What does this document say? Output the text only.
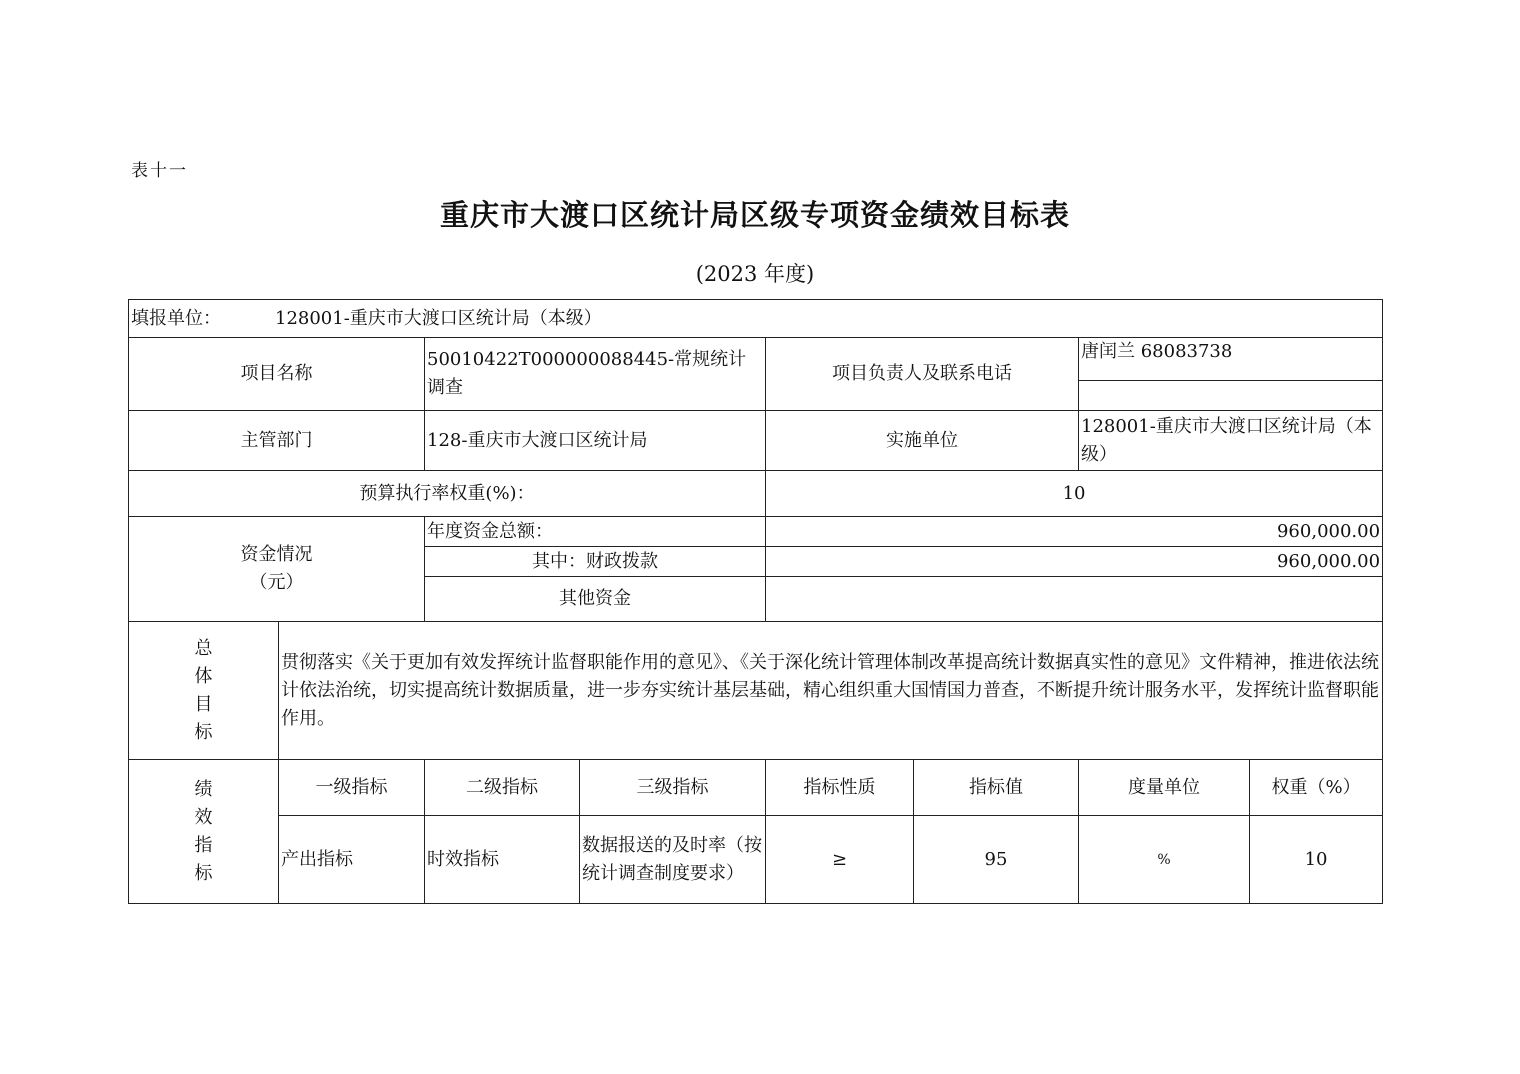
表十一
重庆市大渡口区统计局区级专项资金绩效目标表
(2023 年度)
填报单位： 128001-重庆市大渡口区统计局（本级）							
项目名称		50010422T000000088445-常规统计调查		项目负责人及联系电话		唐闰兰 68083738	

主管部门		128-重庆市大渡口区统计局		实施单位		128001-重庆市大渡口区统计局（本级）	
预算执行率权重(%)：				10			

资金情况
（元）		年度资金总额：		960,000.00			
		其中：财政拨款		960,000.00			
		其他资金					

总
体
目
标	贯彻落实《关于更加有效发挥统计监督职能作用的意见》、《关于深化统计管理体制改革提高统计数据真实性的意见》文件精神，推进依法统计依法治统，切实提高统计数据质量，进一步夯实统计基层基础，精心组织重大国情国力普查，不断提升统计服务水平，发挥统计监督职能作用。						

绩
效
指
标	一级指标	二级指标	三级指标	指标性质	指标值	度量单位	权重（%）
	产出指标	时效指标	数据报送的及时率（按统计调查制度要求）	≥	95	%	10
